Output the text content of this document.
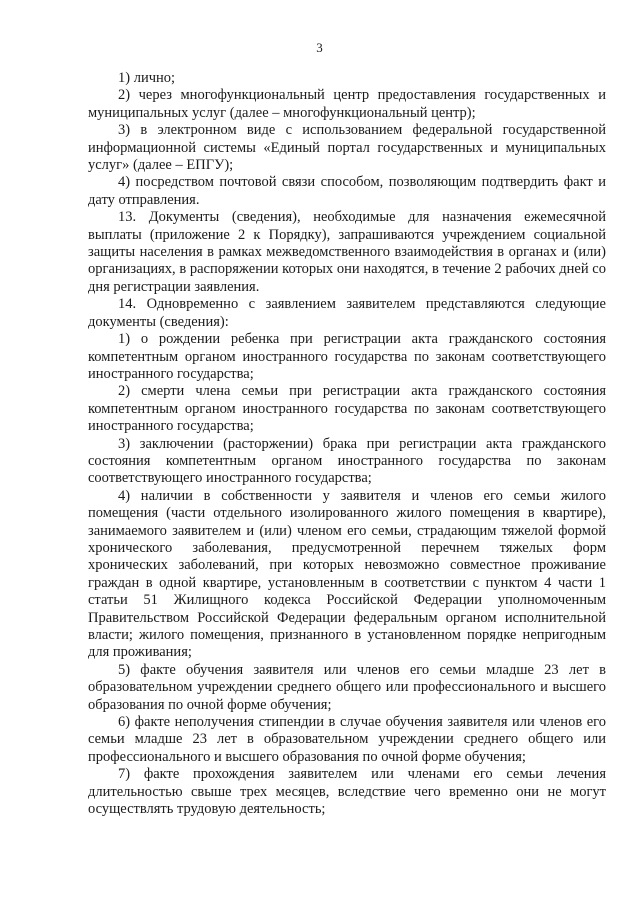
3

1) лично;

2) через многофункциональный центр предоставления государственных и муниципальных услуг (далее – многофункциональный центр);

3) в электронном виде с использованием федеральной государственной информационной системы «Единый портал государственных и муниципальных услуг» (далее – ЕПГУ);

4) посредством почтовой связи способом, позволяющим подтвердить факт и дату отправления.

13. Документы (сведения), необходимые для назначения ежемесячной выплаты (приложение 2 к Порядку), запрашиваются учреждением социальной защиты населения в рамках межведомственного взаимодействия в органах и (или) организациях, в распоряжении которых они находятся, в течение 2 рабочих дней со дня регистрации заявления.

14. Одновременно с заявлением заявителем представляются следующие документы (сведения):

1) о рождении ребенка при регистрации акта гражданского состояния компетентным органом иностранного государства по законам соответствующего иностранного государства;

2) смерти члена семьи при регистрации акта гражданского состояния компетентным органом иностранного государства по законам соответствующего иностранного государства;

3) заключении (расторжении) брака при регистрации акта гражданского состояния компетентным органом иностранного государства по законам соответствующего иностранного государства;

4) наличии в собственности у заявителя и членов его семьи жилого помещения (части отдельного изолированного жилого помещения в квартире), занимаемого заявителем и (или) членом его семьи, страдающим тяжелой формой хронического заболевания, предусмотренной перечнем тяжелых форм хронических заболеваний, при которых невозможно совместное проживание граждан в одной квартире, установленным в соответствии с пунктом 4 части 1 статьи 51 Жилищного кодекса Российской Федерации уполномоченным Правительством Российской Федерации федеральным органом исполнительной власти; жилого помещения, признанного в установленном порядке непригодным для проживания;

5) факте обучения заявителя или членов его семьи младше 23 лет в образовательном учреждении среднего общего или профессионального и высшего образования по очной форме обучения;

6) факте неполучения стипендии в случае обучения заявителя или членов его семьи младше 23 лет в образовательном учреждении среднего общего или профессионального и высшего образования по очной форме обучения;

7) факте прохождения заявителем или членами его семьи лечения длительностью свыше трех месяцев, вследствие чего временно они не могут осуществлять трудовую деятельность;
